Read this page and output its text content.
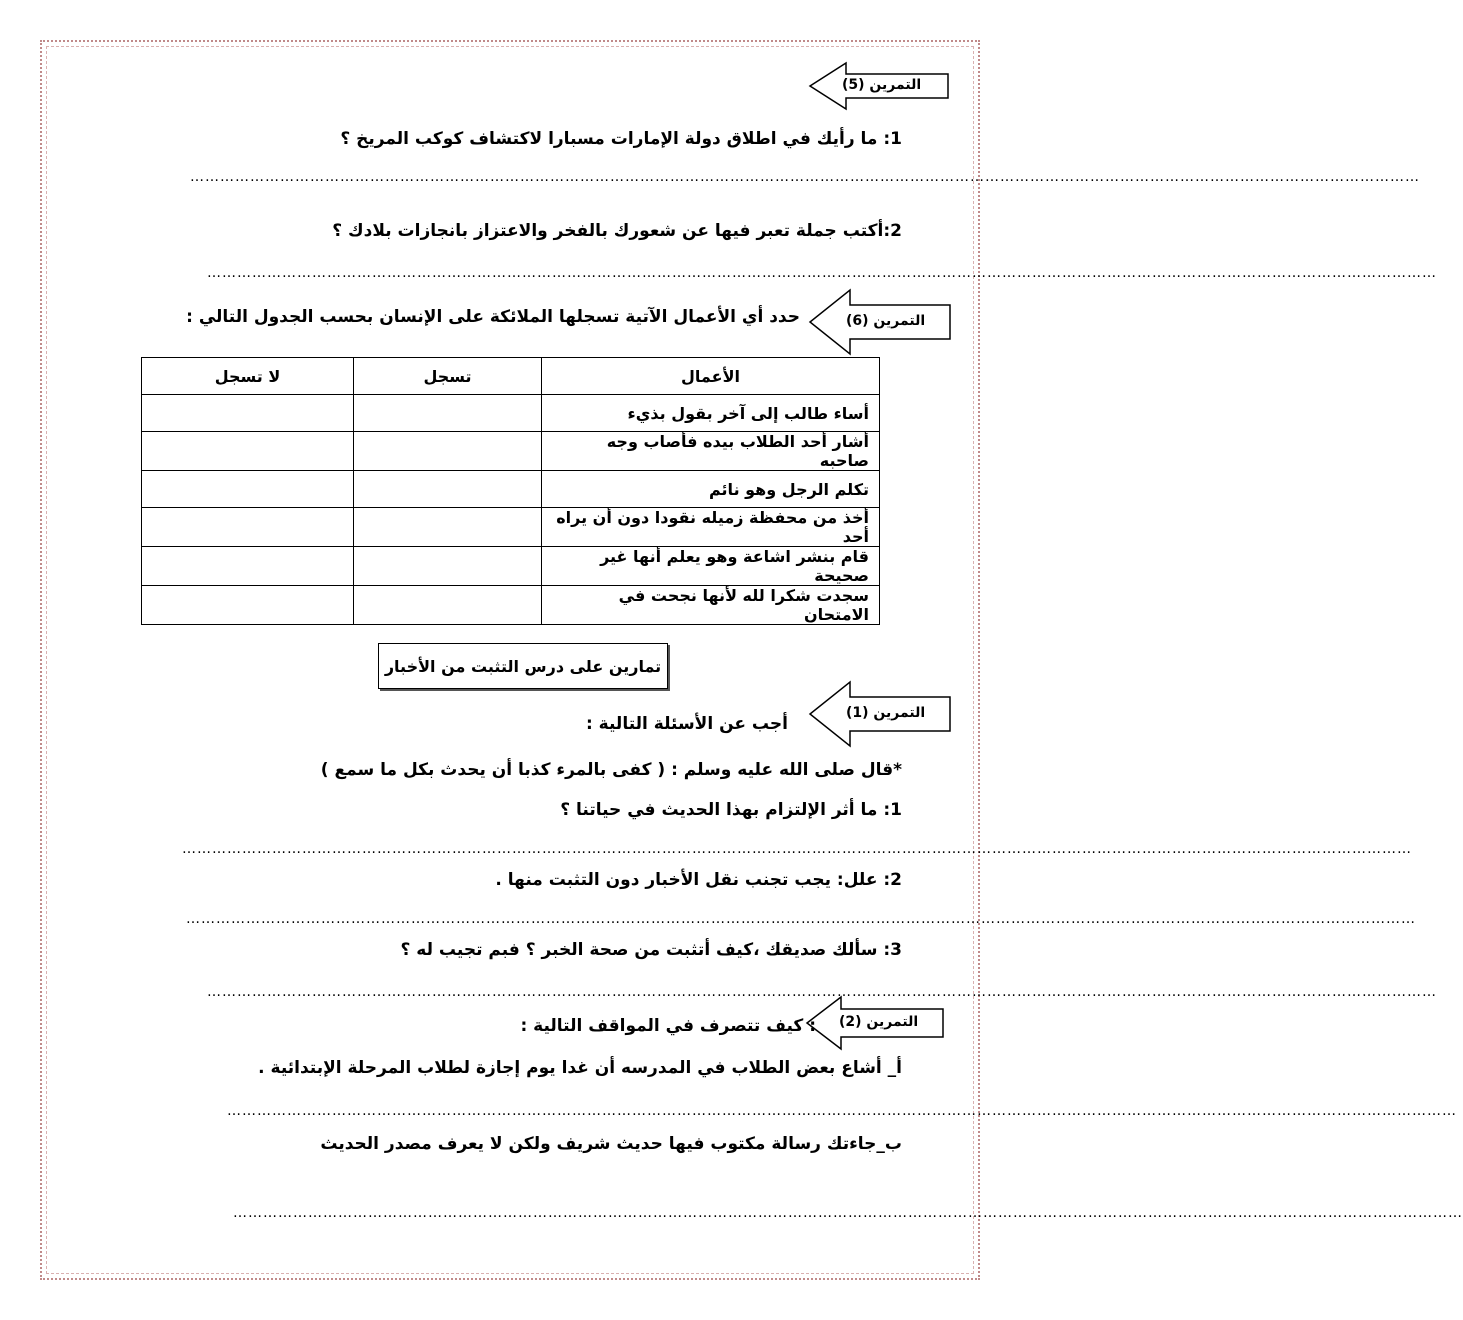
التمرين (5)
1: ما رأيك في اطلاق دولة الإمارات مسبارا لاكتشاف كوكب المريخ ؟
…………………………………………………………………………………………………………………………………………………………………………………………………………………………
2:أكتب جملة تعبر فيها عن شعورك بالفخر والاعتزاز بانجازات بلادك ؟
…………………………………………………………………………………………………………………………………………………………………………………………………………………………
التمرين (6)
حدد أي الأعمال الآتية تسجلها الملائكة على الإنسان بحسب الجدول التالي :
الأعمال	تسجل	لا تسجل
أساء طالب إلى آخر بقول بذيء		
أشار أحد الطلاب بيده فأصاب وجه صاحبه		
تكلم الرجل وهو نائم		
أخذ من محفظة زميله نقودا دون أن يراه أحد		
قام بنشر اشاعة وهو يعلم أنها غير صحيحة		
سجدت شكرا لله لأنها نجحت في الامتحان		
تمارين على درس التثبت من الأخبار
التمرين (1)
أجب عن الأسئلة التالية :
*قال صلى الله عليه وسلم : ( كفى بالمرء كذبا أن يحدث بكل ما سمع )
1: ما أثر الإلتزام بهذا الحديث في حياتنا ؟
…………………………………………………………………………………………………………………………………………………………………………………………………………………………
2: علل: يجب تجنب نقل الأخبار دون التثبت منها .
…………………………………………………………………………………………………………………………………………………………………………………………………………………………
3: سألك صديقك ،كيف أتثبت من صحة الخبر ؟ فبم تجيب له ؟
…………………………………………………………………………………………………………………………………………………………………………………………………………………………
التمرين (2)
: كيف تتصرف في المواقف التالية :
أ_ أشاع بعض الطلاب في المدرسه أن غدا يوم إجازة لطلاب المرحلة الإبتدائية .
…………………………………………………………………………………………………………………………………………………………………………………………………………………………
ب_جاءتك رسالة مكتوب فيها حديث شريف ولكن لا يعرف مصدر الحديث
…………………………………………………………………………………………………………………………………………………………………………………………………………………………
